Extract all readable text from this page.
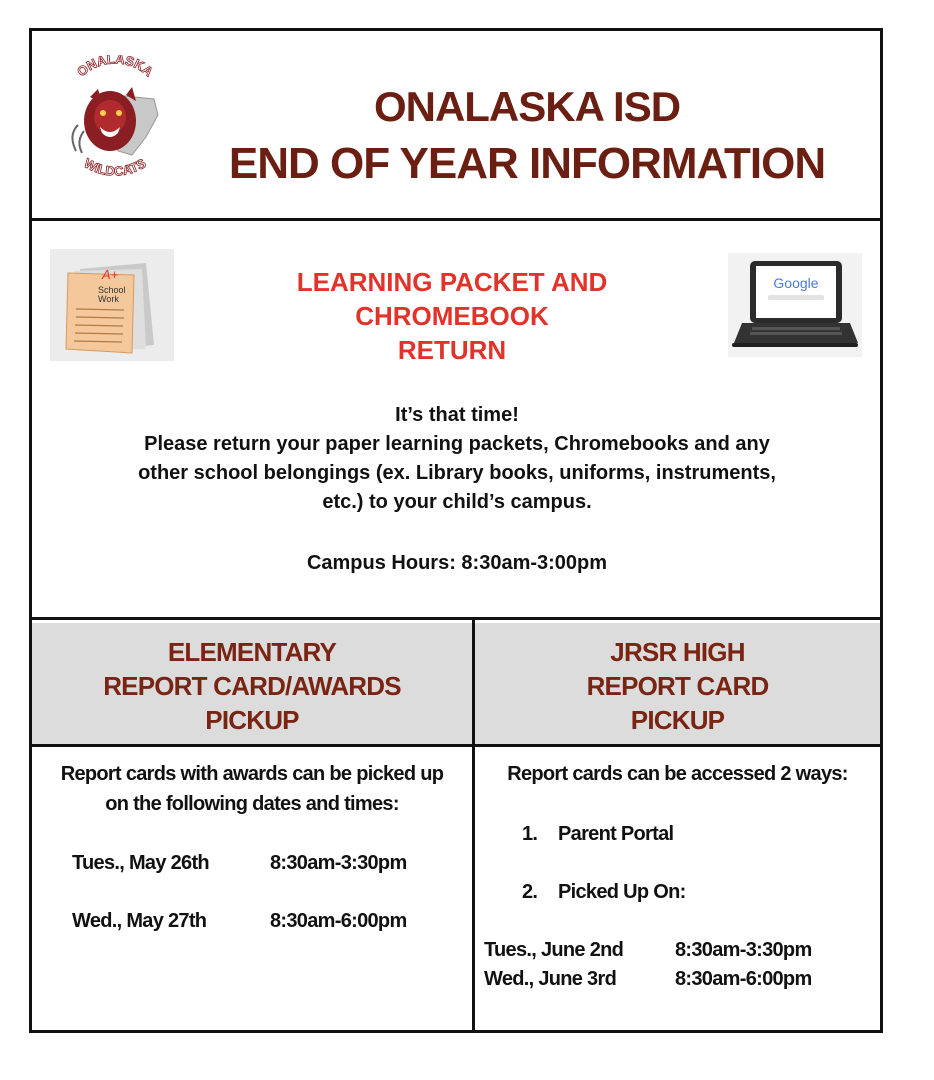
ONALASKA
WILDCATS
ONALASKA ISD
END OF YEAR INFORMATION
A+
School
Work
LEARNING PACKET AND
CHROMEBOOK
RETURN
Google
It’s that time!
Please return your paper learning packets, Chromebooks and any
other school belongings (ex. Library books, uniforms, instruments,
etc.) to your child’s campus.
Campus Hours: 8:30am-3:00pm
ELEMENTARY
REPORT CARD/AWARDS
PICKUP
JRSR HIGH
REPORT CARD
PICKUP
Report cards with awards can be picked up
on the following dates and times:
Tues., May 26th	8:30am-3:30pm
Wed., May 27th	8:30am-6:00pm
Report cards can be accessed 2 ways:
1. Parent Portal
2. Picked Up On:
Tues., June 2nd	8:30am-3:30pm
Wed., June 3rd	8:30am-6:00pm
